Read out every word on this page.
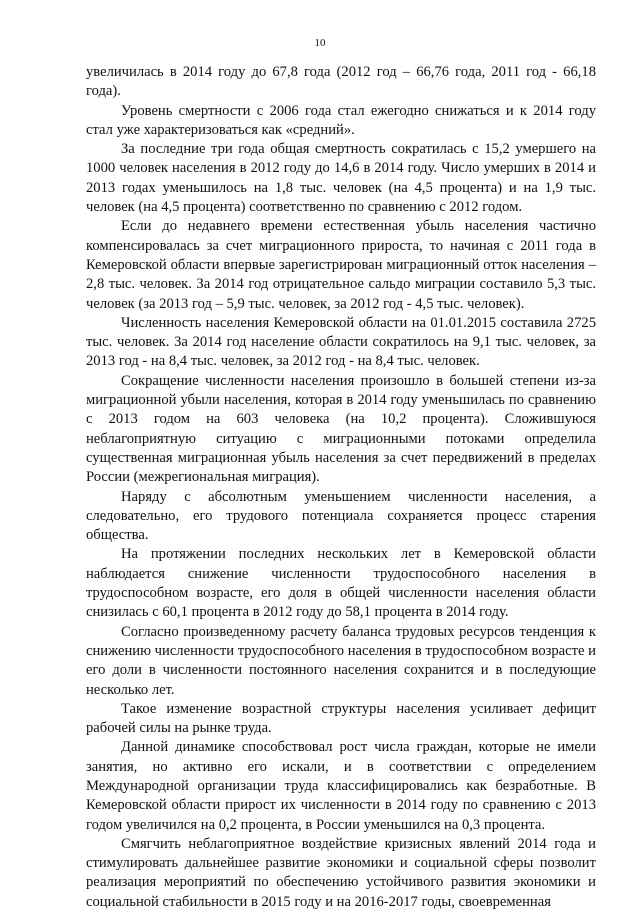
10

увеличилась в 2014 году до 67,8 года (2012 год – 66,76 года, 2011 год - 66,18 года).

Уровень смертности с 2006 года стал ежегодно снижаться и к 2014 году стал уже характеризоваться как «средний».

За последние три года общая смертность сократилась с 15,2 умершего на 1000 человек населения в 2012 году до 14,6 в 2014 году. Число умерших в 2014 и 2013 годах уменьшилось на 1,8 тыс. человек (на 4,5 процента) и на 1,9 тыс. человек (на 4,5 процента) соответственно по сравнению с 2012 годом.

Если до недавнего времени естественная убыль населения частично компенсировалась за счет миграционного прироста, то начиная с 2011 года в Кемеровской области впервые зарегистрирован миграционный отток населения – 2,8 тыс. человек. За 2014 год отрицательное сальдо миграции составило 5,3 тыс. человек (за 2013 год – 5,9 тыс. человек, за 2012 год - 4,5 тыс. человек).

Численность населения Кемеровской области на 01.01.2015 составила 2725 тыс. человек. За 2014 год население области сократилось на 9,1 тыс. человек, за 2013 год - на 8,4 тыс. человек, за 2012 год - на 8,4 тыс. человек.

Сокращение численности населения произошло в большей степени из-за миграционной убыли населения, которая в 2014 году уменьшилась по сравнению с 2013 годом на 603 человека (на 10,2 процента). Сложившуюся неблагоприятную ситуацию с миграционными потоками определила существенная миграционная убыль населения за счет передвижений в пределах России (межрегиональная миграция).

Наряду с абсолютным уменьшением численности населения, а следовательно, его трудового потенциала сохраняется процесс старения общества.

На протяжении последних нескольких лет в Кемеровской области наблюдается снижение численности трудоспособного населения в трудоспособном возрасте, его доля в общей численности населения области снизилась с 60,1 процента в 2012 году до 58,1 процента в 2014 году.

Согласно произведенному расчету баланса трудовых ресурсов тенденция к снижению численности трудоспособного населения в трудоспособном возрасте и его доли в численности постоянного населения сохранится и в последующие несколько лет.

Такое изменение возрастной структуры населения усиливает дефицит рабочей силы на рынке труда.

Данной динамике способствовал рост числа граждан, которые не имели занятия, но активно его искали, и в соответствии с определением Международной организации труда классифицировались как безработные. В Кемеровской области прирост их численности в 2014 году по сравнению с 2013 годом увеличился на 0,2 процента, в России уменьшился на 0,3 процента.

Смягчить неблагоприятное воздействие кризисных явлений 2014 года и стимулировать дальнейшее развитие экономики и социальной сферы позволит реализация мероприятий по обеспечению устойчивого развития экономики и социальной стабильности в 2015 году и на 2016-2017 годы, своевременная
